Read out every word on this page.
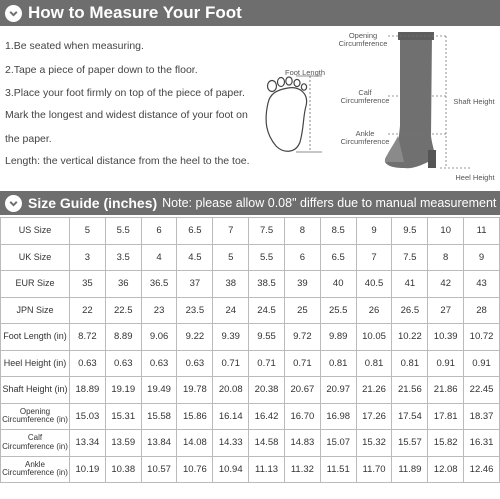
How to Measure Your Foot
1.Be seated when measuring.
2.Tape a piece of paper down to the floor.
3.Place your foot firmly on top of the piece of paper.
Mark the longest and widest distance of your foot on
the paper.
Length: the vertical distance from the heel to the toe.
Foot Length
Opening Circumference
Calf Circumference
Ankle Circumference
Shaft Height
Heel Height
Size Guide (inches) Note: please allow 0.08" differs due to manual measurement
US Size	5	5.5	6	6.5	7	7.5	8	8.5	9	9.5	10	11
UK Size	3	3.5	4	4.5	5	5.5	6	6.5	7	7.5	8	9
EUR Size	35	36	36.5	37	38	38.5	39	40	40.5	41	42	43
JPN Size	22	22.5	23	23.5	24	24.5	25	25.5	26	26.5	27	28
Foot Length (in)	8.72	8.89	9.06	9.22	9.39	9.55	9.72	9.89	10.05	10.22	10.39	10.72
Heel Height (in)	0.63	0.63	0.63	0.63	0.71	0.71	0.71	0.81	0.81	0.81	0.91	0.91
Shaft Height (in)	18.89	19.19	19.49	19.78	20.08	20.38	20.67	20.97	21.26	21.56	21.86	22.45
Opening Circumference (in)	15.03	15.31	15.58	15.86	16.14	16.42	16.70	16.98	17.26	17.54	17.81	18.37
Calf Circumference (in)	13.34	13.59	13.84	14.08	14.33	14.58	14.83	15.07	15.32	15.57	15.82	16.31
Ankle Circumference (in)	10.19	10.38	10.57	10.76	10.94	11.13	11.32	11.51	11.70	11.89	12.08	12.46
